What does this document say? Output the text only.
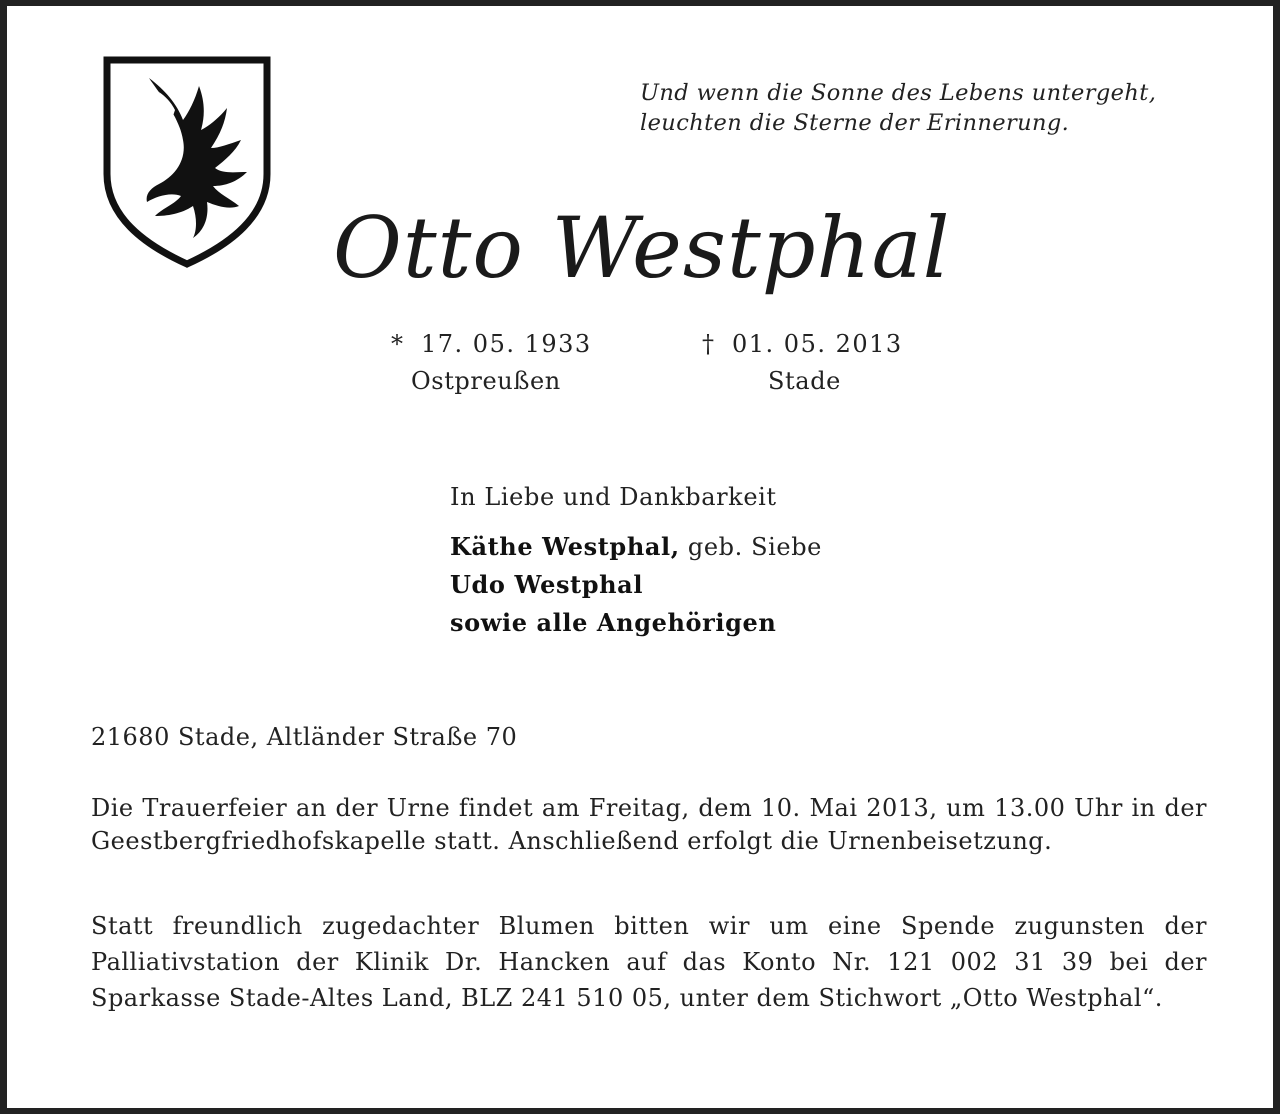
Und wenn die Sonne des Lebens untergeht,
leuchten die Sterne der Erinnerung.
Otto Westphal
* 17. 05. 1933	† 01. 05. 2013
Ostpreußen	Stade
In Liebe und Dankbarkeit
Käthe Westphal, geb. Siebe
Udo Westphal
sowie alle Angehörigen
21680 Stade, Altländer Straße 70
Die Trauerfeier an der Urne findet am Freitag, dem 10. Mai 2013, um 13.00 Uhr in der Geestbergfriedhofskapelle statt. Anschließend erfolgt die Urnenbeisetzung.
Statt freundlich zugedachter Blumen bitten wir um eine Spende zugunsten der Palliativstation der Klinik Dr. Hancken auf das Konto Nr. 121 002 31 39 bei der Sparkasse Stade-Altes Land, BLZ 241 510 05, unter dem Stichwort „Otto Westphal“.
